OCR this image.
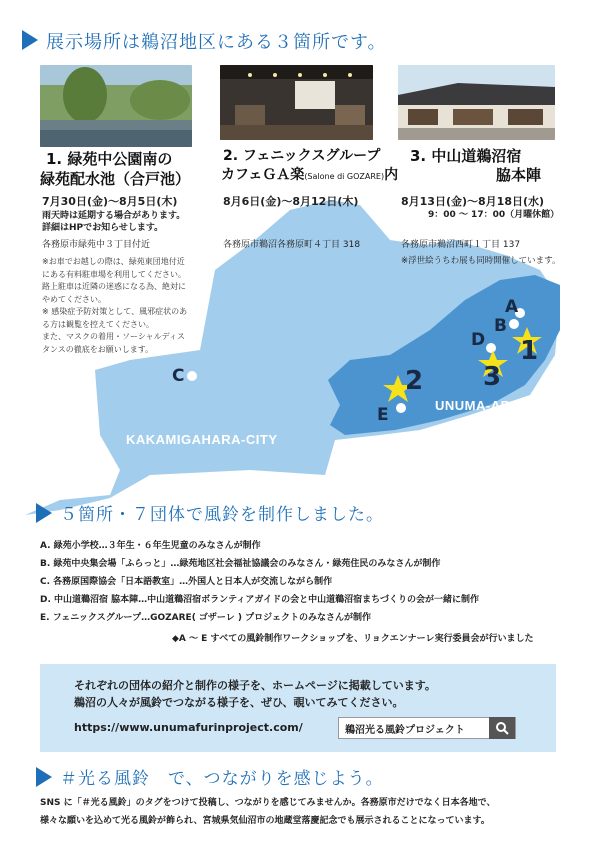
展示場所は鵜沼地区にある３箇所です。
1. 緑苑中公園南の
緑苑配水池（合戸池）
7月30日(金)～8月5日(木)
雨天時は延期する場合があります。
詳細はHPでお知らせします。
各務原市緑苑中３丁目付近
※お車でお越しの際は、緑苑東団地付近
にある有料駐車場を利用してください。
路上駐車は近隣の迷惑になる為、絶対に
やめてください。
※ 感染症予防対策として、風邪症状のあ
る方は観覧を控えてください。
また、マスクの着用・ソーシャルディス
タンスの徹底をお願いします。
2. フェニックスグループ
カフェＧＡ楽(Salone di GOZARE)内
8月6日(金)～8月12日(木)
各務原市鵜沼各務原町４丁目 318
3. 中山道鵜沼宿
脇本陣
8月13日(金)～8月18日(水)
9：00 ～ 17：00（月曜休館）
各務原市鵜沼西町１丁目 137
※浮世絵うちわ展も同時開催しています。
KAKAMIGAHARA-CITY
UNUMA-AREA
A
B
C
D
E
1
2 3
５箇所・７団体で風鈴を制作しました。
A. 緑苑小学校…３年生・６年生児童のみなさんが制作
B. 緑苑中央集会場「ふらっと」…緑苑地区社会福祉協議会のみなさん・緑苑住民のみなさんが制作
C. 各務原国際協会「日本語教室」…外国人と日本人が交流しながら制作
D. 中山道鵜沼宿 脇本陣…中山道鵜沼宿ボランティアガイドの会と中山道鵜沼宿まちづくりの会が一緒に制作
E. フェニックスグループ…GOZARE( ゴザーレ ) プロジェクトのみなさんが制作
◆A ～ E すべての風鈴制作ワークショップを、リョクエンナーレ実行委員会が行いました
それぞれの団体の紹介と制作の様子を、ホームページに掲載しています。
鵜沼の人々が風鈴でつながる様子を、ぜひ、覗いてみてください。
https://www.unumafurinproject.com/	鵜沼光る風鈴プロジェクト
＃光る風鈴　で、つながりを感じよう。
SNS に「＃光る風鈴」のタグをつけて投稿し、つながりを感じてみませんか。各務原市だけでなく日本各地で、
様々な願いを込めて光る風鈴が飾られ、宮城県気仙沼市の地蔵堂落慶記念でも展示されることになっています。
